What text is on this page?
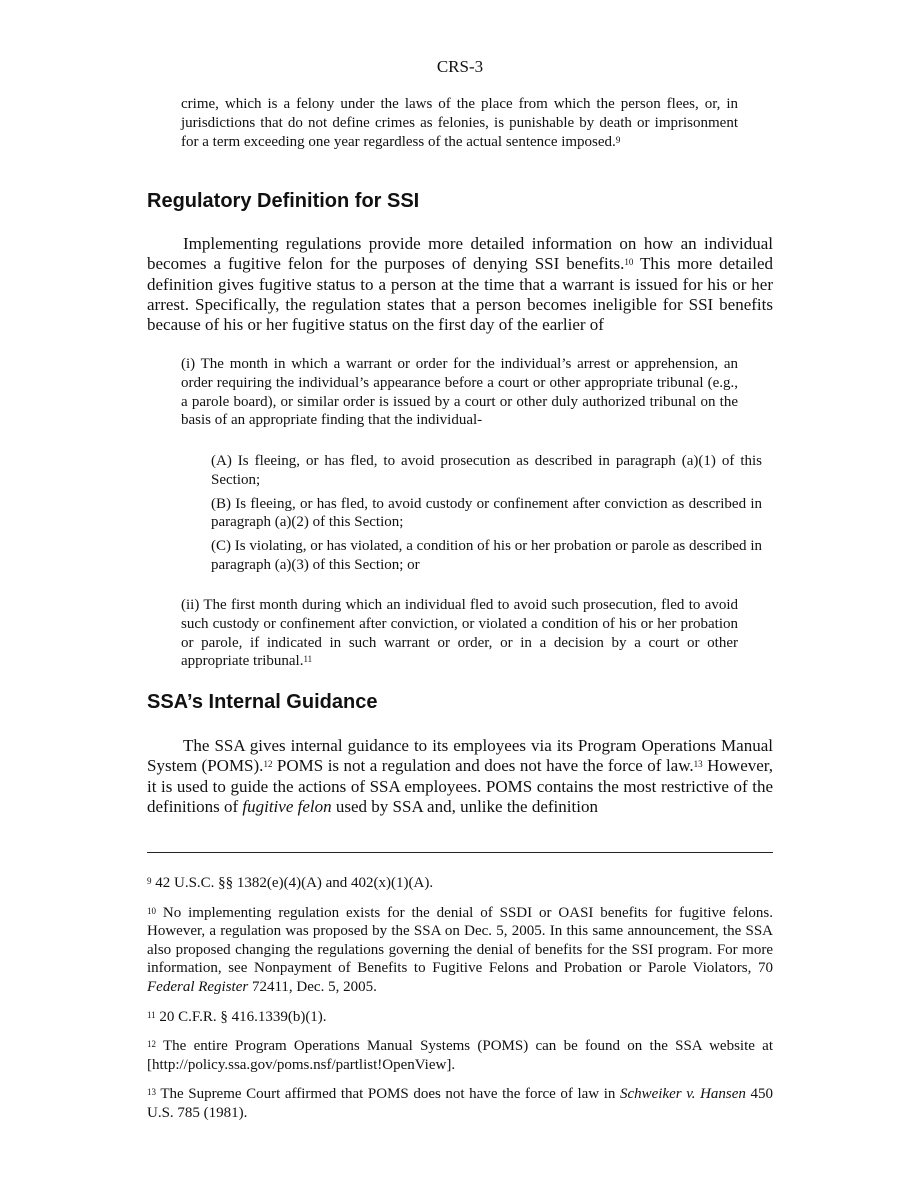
CRS-3
crime, which is a felony under the laws of the place from which the person flees, or, in jurisdictions that do not define crimes as felonies, is punishable by death or imprisonment for a term exceeding one year regardless of the actual sentence imposed.$^9$
Regulatory Definition for SSI

Implementing regulations provide more detailed information on how an individual becomes a fugitive felon for the purposes of denying SSI benefits.$^{10}$ This more detailed definition gives fugitive status to a person at the time that a warrant is issued for his or her arrest. Specifically, the regulation states that a person becomes ineligible for SSI benefits because of his or her fugitive status on the first day of the earlier of

(i) The month in which a warrant or order for the individual’s arrest or apprehension, an order requiring the individual’s appearance before a court or other appropriate tribunal (e.g., a parole board), or similar order is issued by a court or other duly authorized tribunal on the basis of an appropriate finding that the individual-

(A) Is fleeing, or has fled, to avoid prosecution as described in paragraph (a)(1) of this Section;

(B) Is fleeing, or has fled, to avoid custody or confinement after conviction as described in paragraph (a)(2) of this Section;

(C) Is violating, or has violated, a condition of his or her probation or parole as described in paragraph (a)(3) of this Section; or

(ii) The first month during which an individual fled to avoid such prosecution, fled to avoid such custody or confinement after conviction, or violated a condition of his or her probation or parole, if indicated in such warrant or order, or in a decision by a court or other appropriate tribunal.$^{11}$
SSA’s Internal Guidance

The SSA gives internal guidance to its employees via its Program Operations Manual System (POMS).$^{12}$ POMS is not a regulation and does not have the force of law.$^{13}$ However, it is used to guide the actions of SSA employees. POMS contains the most restrictive of the definitions of fugitive felon used by SSA and, unlike the definition

$^9$ 42 U.S.C. §§ 1382(e)(4)(A) and 402(x)(1)(A).

$^{10}$ No implementing regulation exists for the denial of SSDI or OASI benefits for fugitive felons. However, a regulation was proposed by the SSA on Dec. 5, 2005. In this same announcement, the SSA also proposed changing the regulations governing the denial of benefits for the SSI program. For more information, see Nonpayment of Benefits to Fugitive Felons and Probation or Parole Violators, 70 Federal Register 72411, Dec. 5, 2005.

$^{11}$ 20 C.F.R. § 416.1339(b)(1).

$^{12}$ The entire Program Operations Manual Systems (POMS) can be found on the SSA website at [http://policy.ssa.gov/poms.nsf/partlist!OpenView].

$^{13}$ The Supreme Court affirmed that POMS does not have the force of law in Schweiker v. Hansen 450 U.S. 785 (1981).
